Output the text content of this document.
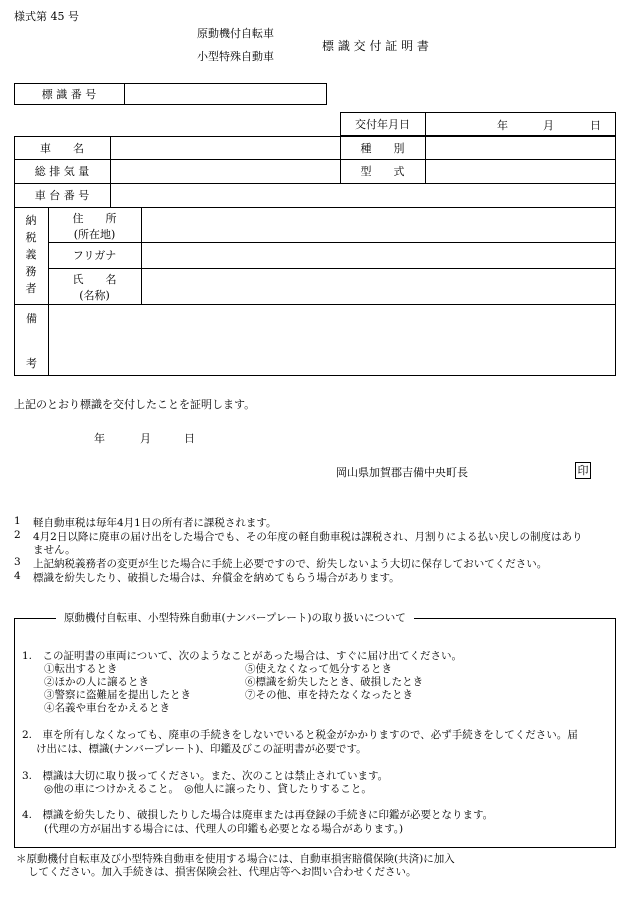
様式第 45 号
原動機付自転車
小型特殊自動車
標 識 交 付 証 明 書
標 識 番 号
交付年月日	年	月	日
車　　名	種　　別
総 排 気 量	型　　式
車 台 番 号
納
税
義
務
者
住　　所
(所在地)
フリガナ
氏　　名
(名称)
備
考
上記のとおり標識を交付したことを証明します。
年	月	日
岡山県加賀郡吉備中央町長	印
1 軽自動車税は毎年4月1日の所有者に課税されます。
2 4月2日以降に廃車の届け出をした場合でも、その年度の軽自動車税は課税され、月割りによる払い戻しの制度はあり
ません。
3 上記納税義務者の変更が生じた場合に手続上必要ですので、紛失しないよう大切に保存しておいてください。
4 標識を紛失したり、破損した場合は、弁償金を納めてもらう場合があります。
原動機付自転車、小型特殊自動車(ナンバープレート)の取り扱いについて
1.　この証明書の車両について、次のようなことがあった場合は、すぐに届け出てください。
①転出するとき
②ほかの人に譲るとき
③警察に盗難届を提出したとき
④名義や車台をかえるとき
⑤使えなくなって処分するとき
⑥標識を紛失したとき、破損したとき
⑦その他、車を持たなくなったとき
2.　車を所有しなくなっても、廃車の手続きをしないでいると税金がかかりますので、必ず手続きをしてください。届
け出には、標識(ナンバープレート)、印鑑及びこの証明書が必要です。
3.　標識は大切に取り扱ってください。また、次のことは禁止されています。
◎他の車につけかえること。　◎他人に譲ったり、貸したりすること。
4.　標識を紛失したり、破損したりした場合は廃車または再登録の手続きに印鑑が必要となります。
(代理の方が届出する場合には、代理人の印鑑も必要となる場合があります。)
＊原動機付自転車及び小型特殊自動車を使用する場合には、自動車損害賠償保険(共済)に加入
してください。加入手続きは、損害保険会社、代理店等へお問い合わせください。
